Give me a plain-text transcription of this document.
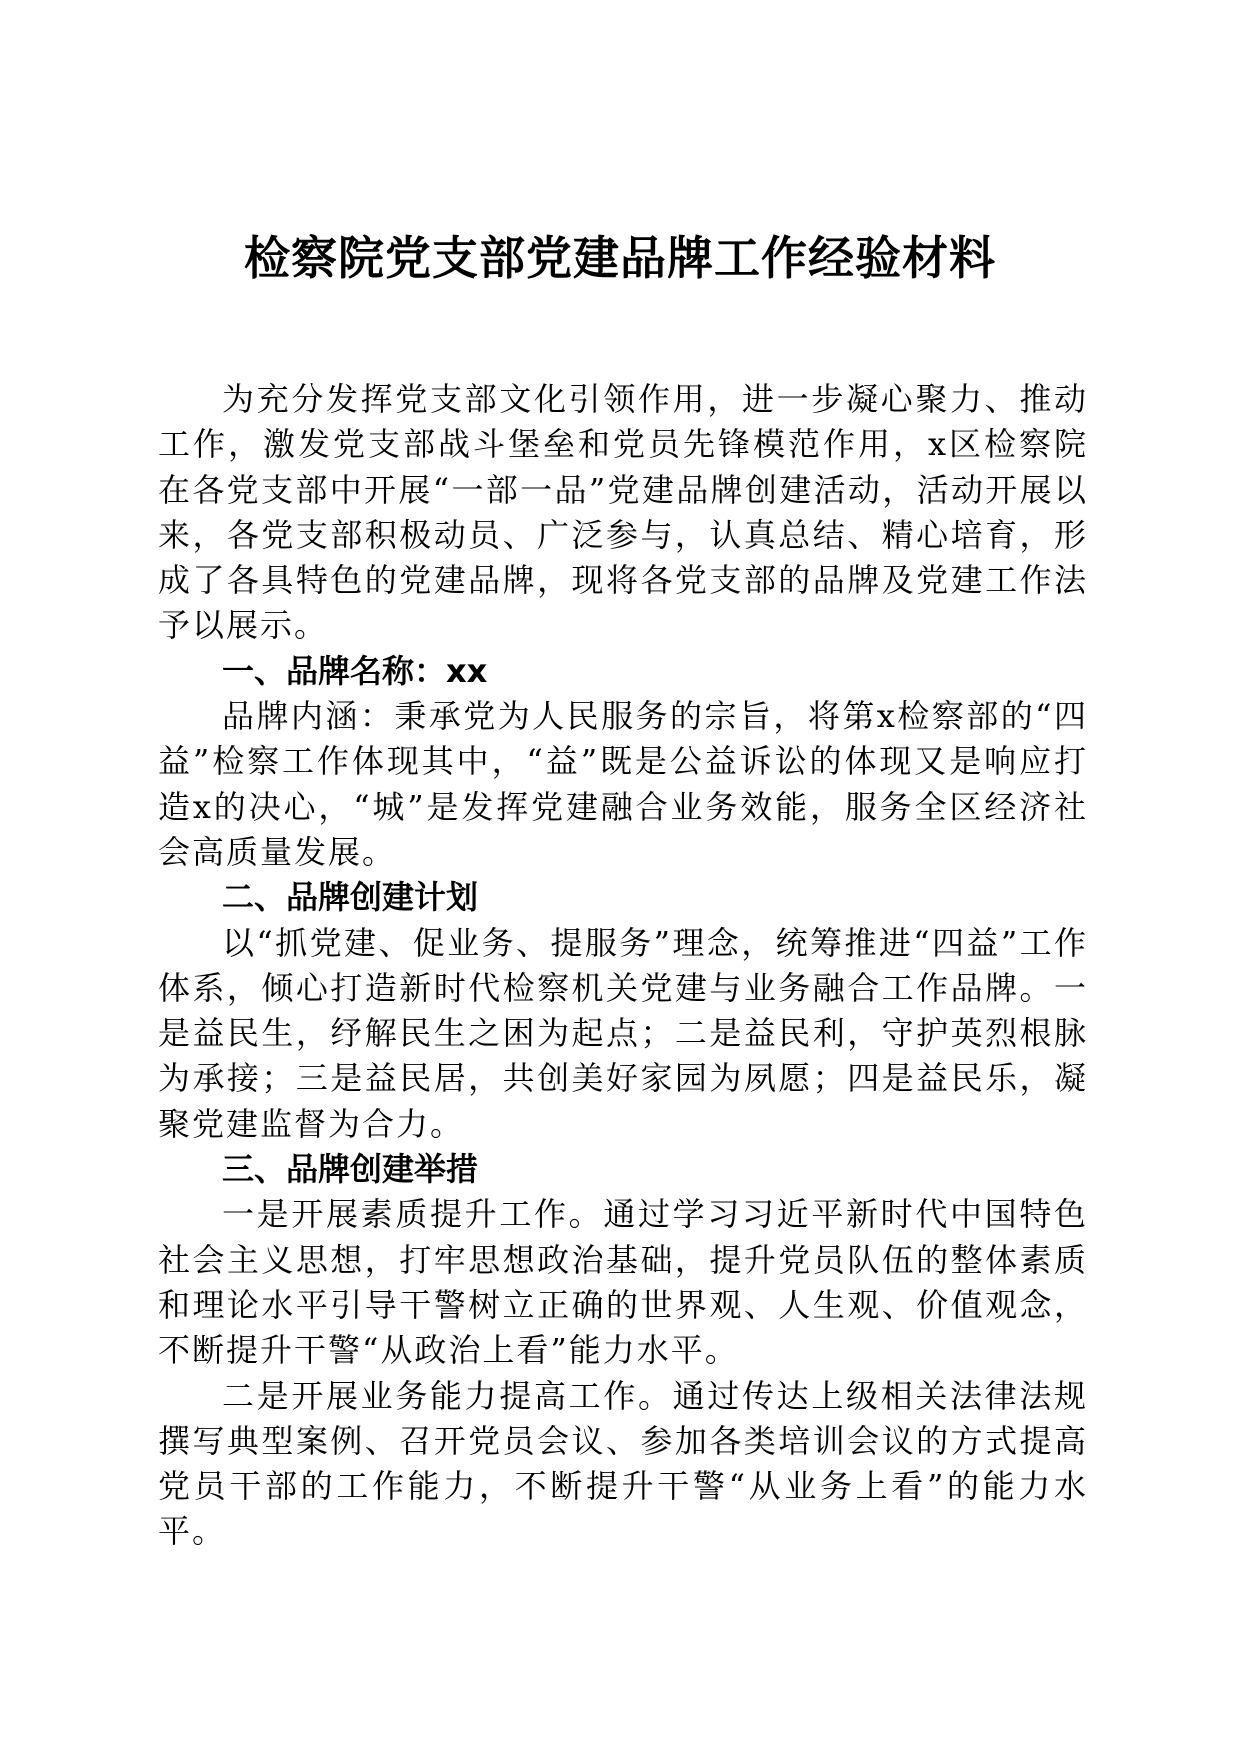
检察院党支部党建品牌工作经验材料

为充分发挥党支部文化引领作用，进一步凝心聚力、推动工作，激发党支部战斗堡垒和党员先锋模范作用，x区检察院在各党支部中开展“一部一品”党建品牌创建活动，活动开展以来，各党支部积极动员、广泛参与，认真总结、精心培育，形成了各具特色的党建品牌，现将各党支部的品牌及党建工作法予以展示。

一、品牌名称：xx

品牌内涵：秉承党为人民服务的宗旨，将第x检察部的“四益”检察工作体现其中，“益”既是公益诉讼的体现又是响应打造x的决心，“城”是发挥党建融合业务效能，服务全区经济社会高质量发展。

二、品牌创建计划

以“抓党建、促业务、提服务”理念，统筹推进“四益”工作体系，倾心打造新时代检察机关党建与业务融合工作品牌。一是益民生，纾解民生之困为起点；二是益民利，守护英烈根脉为承接；三是益民居，共创美好家园为夙愿；四是益民乐，凝聚党建监督为合力。

三、品牌创建举措

一是开展素质提升工作。通过学习习近平新时代中国特色社会主义思想，打牢思想政治基础，提升党员队伍的整体素质和理论水平引导干警树立正确的世界观、人生观、价值观念，不断提升干警“从政治上看”能力水平。

二是开展业务能力提高工作。通过传达上级相关法律法规撰写典型案例、召开党员会议、参加各类培训会议的方式提高党员干部的工作能力，不断提升干警“从业务上看”的能力水平。
